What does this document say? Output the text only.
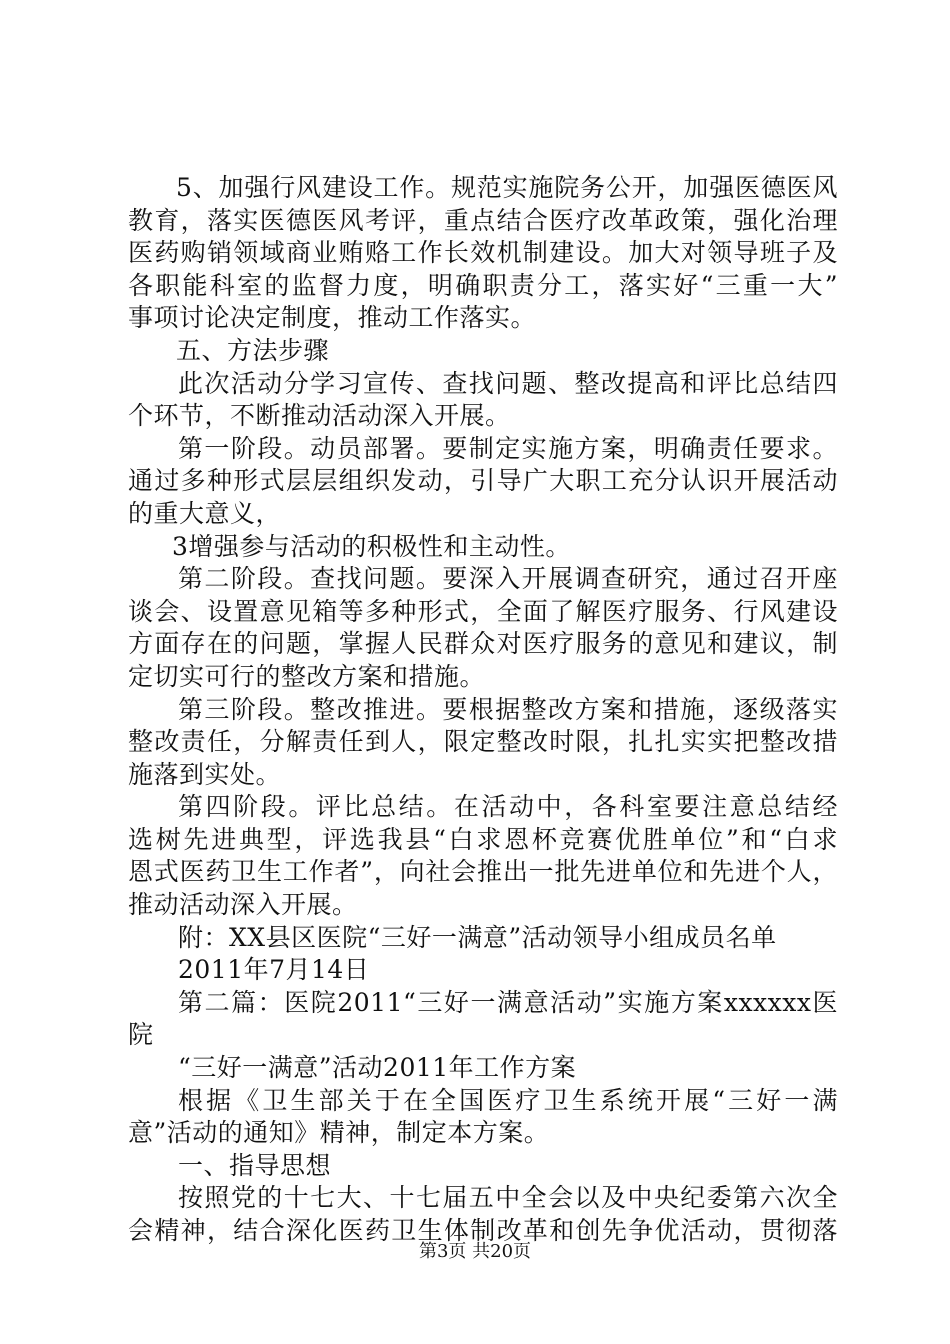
5、加强行风建设工作。规范实施院务公开，加强医德医风
教育，落实医德医风考评，重点结合医疗改革政策，强化治理
医药购销领域商业贿赂工作长效机制建设。加大对领导班子及
各职能科室的监督力度，明确职责分工，落实好“三重一大”
事项讨论决定制度，推动工作落实。
五、方法步骤
此次活动分学习宣传、查找问题、整改提高和评比总结四
个环节，不断推动活动深入开展。
第一阶段。动员部署。要制定实施方案，明确责任要求。
通过多种形式层层组织发动，引导广大职工充分认识开展活动
的重大意义，
3增强参与活动的积极性和主动性。
第二阶段。查找问题。要深入开展调查研究，通过召开座
谈会、设置意见箱等多种形式，全面了解医疗服务、行风建设
方面存在的问题，掌握人民群众对医疗服务的意见和建议，制
定切实可行的整改方案和措施。
第三阶段。整改推进。要根据整改方案和措施，逐级落实
整改责任，分解责任到人，限定整改时限，扎扎实实把整改措
施落到实处。
第四阶段。评比总结。在活动中，各科室要注意总结经
选树先进典型，评选我县“白求恩杯竞赛优胜单位”和“白求
恩式医药卫生工作者”，向社会推出一批先进单位和先进个人，
推动活动深入开展。
附：XX县区医院“三好一满意”活动领导小组成员名单
2011年7月14日
第二篇：医院2011“三好一满意活动”实施方案xxxxxx医
院
“三好一满意”活动2011年工作方案
根据《卫生部关于在全国医疗卫生系统开展“三好一满
意”活动的通知》精神，制定本方案。
一、指导思想
按照党的十七大、十七届五中全会以及中央纪委第六次全
会精神，结合深化医药卫生体制改革和创先争优活动，贯彻落
第3页 共20页
